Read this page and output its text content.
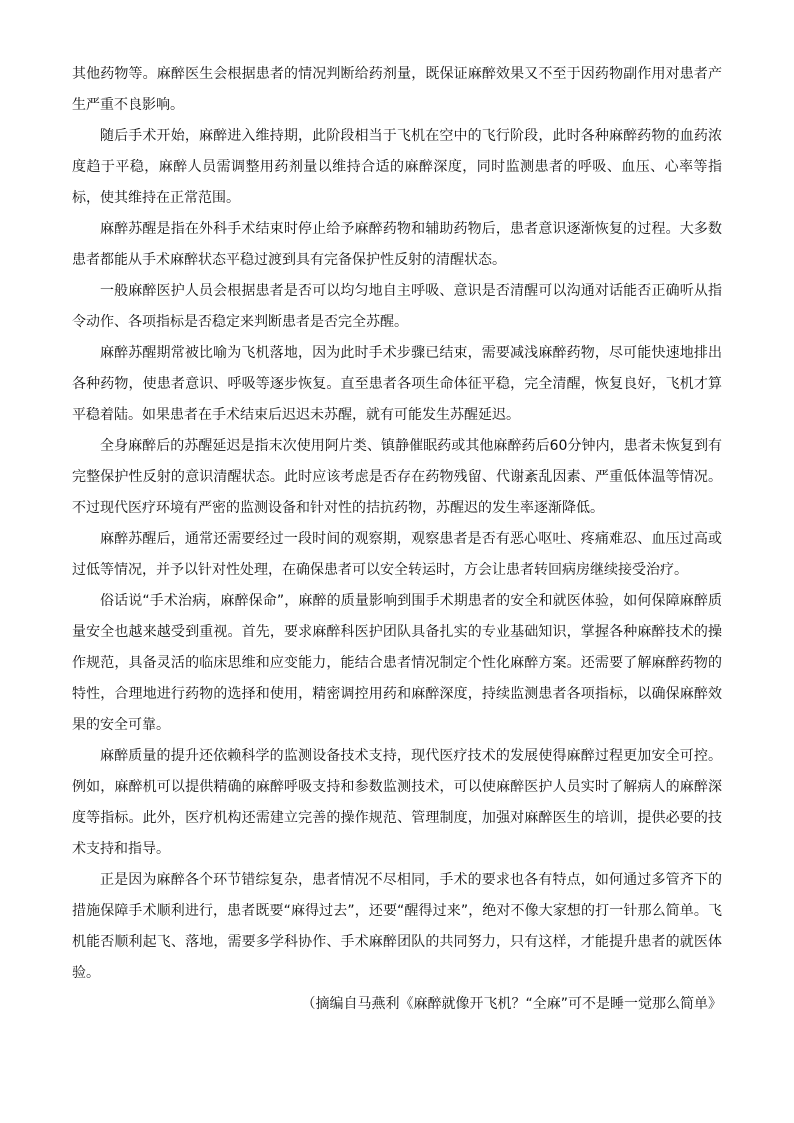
其他药物等。麻醉医生会根据患者的情况判断给药剂量，既保证麻醉效果又不至于因药物副作用对患者产生严重不良影响。

随后手术开始，麻醉进入维持期，此阶段相当于飞机在空中的飞行阶段，此时各种麻醉药物的血药浓度趋于平稳，麻醉人员需调整用药剂量以维持合适的麻醉深度，同时监测患者的呼吸、血压、心率等指标，使其维持在正常范围。

麻醉苏醒是指在外科手术结束时停止给予麻醉药物和辅助药物后，患者意识逐渐恢复的过程。大多数患者都能从手术麻醉状态平稳过渡到具有完备保护性反射的清醒状态。

一般麻醉医护人员会根据患者是否可以均匀地自主呼吸、意识是否清醒可以沟通对话能否正确听从指令动作、各项指标是否稳定来判断患者是否完全苏醒。

麻醉苏醒期常被比喻为飞机落地，因为此时手术步骤已结束，需要减浅麻醉药物，尽可能快速地排出各种药物，使患者意识、呼吸等逐步恢复。直至患者各项生命体征平稳，完全清醒，恢复良好，飞机才算平稳着陆。如果患者在手术结束后迟迟未苏醒，就有可能发生苏醒延迟。

全身麻醉后的苏醒延迟是指末次使用阿片类、镇静催眠药或其他麻醉药后60分钟内，患者未恢复到有完整保护性反射的意识清醒状态。此时应该考虑是否存在药物残留、代谢紊乱因素、严重低体温等情况。不过现代医疗环境有严密的监测设备和针对性的拮抗药物，苏醒迟的发生率逐渐降低。

麻醉苏醒后，通常还需要经过一段时间的观察期，观察患者是否有恶心呕吐、疼痛难忍、血压过高或过低等情况，并予以针对性处理，在确保患者可以安全转运时，方会让患者转回病房继续接受治疗。

俗话说“手术治病，麻醉保命”，麻醉的质量影响到围手术期患者的安全和就医体验，如何保障麻醉质量安全也越来越受到重视。首先，要求麻醉科医护团队具备扎实的专业基础知识，掌握各种麻醉技术的操作规范，具备灵活的临床思维和应变能力，能结合患者情况制定个性化麻醉方案。还需要了解麻醉药物的特性，合理地进行药物的选择和使用，精密调控用药和麻醉深度，持续监测患者各项指标，以确保麻醉效果的安全可靠。

麻醉质量的提升还依赖科学的监测设备技术支持，现代医疗技术的发展使得麻醉过程更加安全可控。例如，麻醉机可以提供精确的麻醉呼吸支持和参数监测技术，可以使麻醉医护人员实时了解病人的麻醉深度等指标。此外，医疗机构还需建立完善的操作规范、管理制度，加强对麻醉医生的培训，提供必要的技术支持和指导。

正是因为麻醉各个环节错综复杂，患者情况不尽相同，手术的要求也各有特点，如何通过多管齐下的措施保障手术顺利进行，患者既要“麻得过去”，还要“醒得过来”，绝对不像大家想的打一针那么简单。飞机能否顺利起飞、落地，需要多学科协作、手术麻醉团队的共同努力，只有这样，才能提升患者的就医体验。

（摘编自马燕利《麻醉就像开飞机？“全麻”可不是睡一觉那么简单》
